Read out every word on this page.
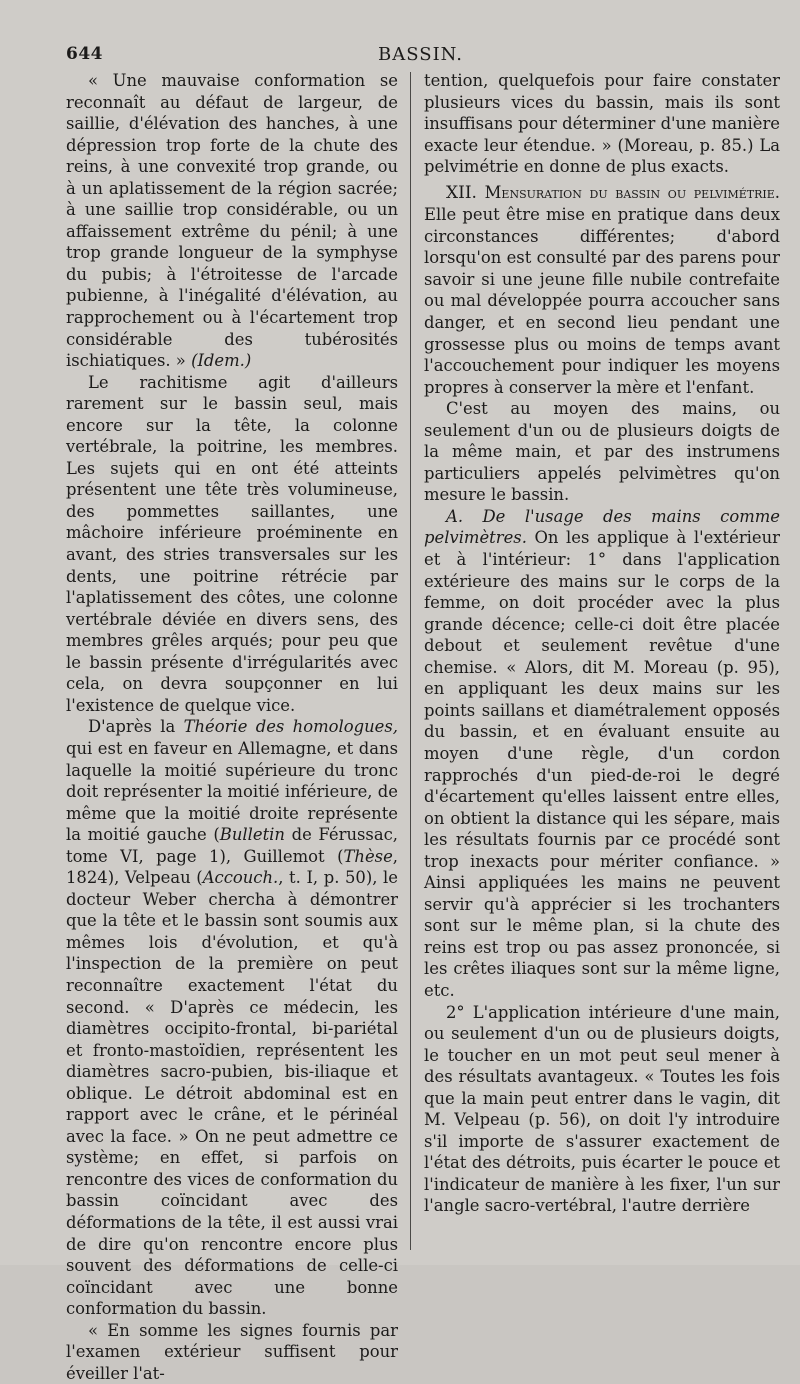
644	BASSIN.

« Une mauvaise conformation se reconnaît au défaut de largeur, de saillie, d'élévation des hanches, à une dépression trop forte de la chute des reins, à une convexité trop grande, ou à un aplatissement de la région sacrée; à une saillie trop considérable, ou un affaissement extrême du pénil; à une trop grande longueur de la symphyse du pubis; à l'étroitesse de l'arcade pubienne, à l'inégalité d'élévation, au rapprochement ou à l'écartement trop considérable des tubérosités ischiatiques. » (Idem.)

Le rachitisme agit d'ailleurs rarement sur le bassin seul, mais encore sur la tête, la colonne vertébrale, la poitrine, les membres. Les sujets qui en ont été atteints présentent une tête très volumineuse, des pommettes saillantes, une mâchoire inférieure proéminente en avant, des stries transversales sur les dents, une poitrine rétrécie par l'aplatissement des côtes, une colonne vertébrale déviée en divers sens, des membres grêles arqués; pour peu que le bassin présente d'irrégularités avec cela, on devra soupçonner en lui l'existence de quelque vice.

D'après la Théorie des homologues, qui est en faveur en Allemagne, et dans laquelle la moitié supérieure du tronc doit représenter la moitié inférieure, de même que la moitié droite représente la moitié gauche (Bulletin de Férussac, tome VI, page 1), Guillemot (Thèse, 1824), Velpeau (Accouch., t. I, p. 50), le docteur Weber chercha à démontrer que la tête et le bassin sont soumis aux mêmes lois d'évolution, et qu'à l'inspection de la première on peut reconnaître exactement l'état du second. « D'après ce médecin, les diamètres occipito-frontal, bi-pariétal et fronto-mastoïdien, représentent les diamètres sacro-pubien, bis-iliaque et oblique. Le détroit abdominal est en rapport avec le crâne, et le périnéal avec la face. » On ne peut admettre ce système; en effet, si parfois on rencontre des vices de conformation du bassin coïncidant avec des déformations de la tête, il est aussi vrai de dire qu'on rencontre encore plus souvent des déformations de celle-ci coïncidant avec une bonne conformation du bassin.

« En somme les signes fournis par l'examen extérieur suffisent pour éveiller l'at-

tention, quelquefois pour faire constater plusieurs vices du bassin, mais ils sont insuffisans pour déterminer d'une manière exacte leur étendue. » (Moreau, p. 85.) La pelvimétrie en donne de plus exacts.

XII. Mensuration du bassin ou pelvimétrie. Elle peut être mise en pratique dans deux circonstances différentes; d'abord lorsqu'on est consulté par des parens pour savoir si une jeune fille nubile contrefaite ou mal développée pourra accoucher sans danger, et en second lieu pendant une grossesse plus ou moins de temps avant l'accouchement pour indiquer les moyens propres à conserver la mère et l'enfant.

C'est au moyen des mains, ou seulement d'un ou de plusieurs doigts de la même main, et par des instrumens particuliers appelés pelvimètres qu'on mesure le bassin.

A. De l'usage des mains comme pelvimètres. On les applique à l'extérieur et à l'intérieur: 1° dans l'application extérieure des mains sur le corps de la femme, on doit procéder avec la plus grande décence; celle-ci doit être placée debout et seulement revêtue d'une chemise. « Alors, dit M. Moreau (p. 95), en appliquant les deux mains sur les points saillans et diamétralement opposés du bassin, et en évaluant ensuite au moyen d'une règle, d'un cordon rapprochés d'un pied-de-roi le degré d'écartement qu'elles laissent entre elles, on obtient la distance qui les sépare, mais les résultats fournis par ce procédé sont trop inexacts pour mériter confiance. » Ainsi appliquées les mains ne peuvent servir qu'à apprécier si les trochanters sont sur le même plan, si la chute des reins est trop ou pas assez prononcée, si les crêtes iliaques sont sur la même ligne, etc.

2° L'application intérieure d'une main, ou seulement d'un ou de plusieurs doigts, le toucher en un mot peut seul mener à des résultats avantageux. « Toutes les fois que la main peut entrer dans le vagin, dit M. Velpeau (p. 56), on doit l'y introduire s'il importe de s'assurer exactement de l'état des détroits, puis écarter le pouce et l'indicateur de manière à les fixer, l'un sur l'angle sacro-vertébral, l'autre derrière
